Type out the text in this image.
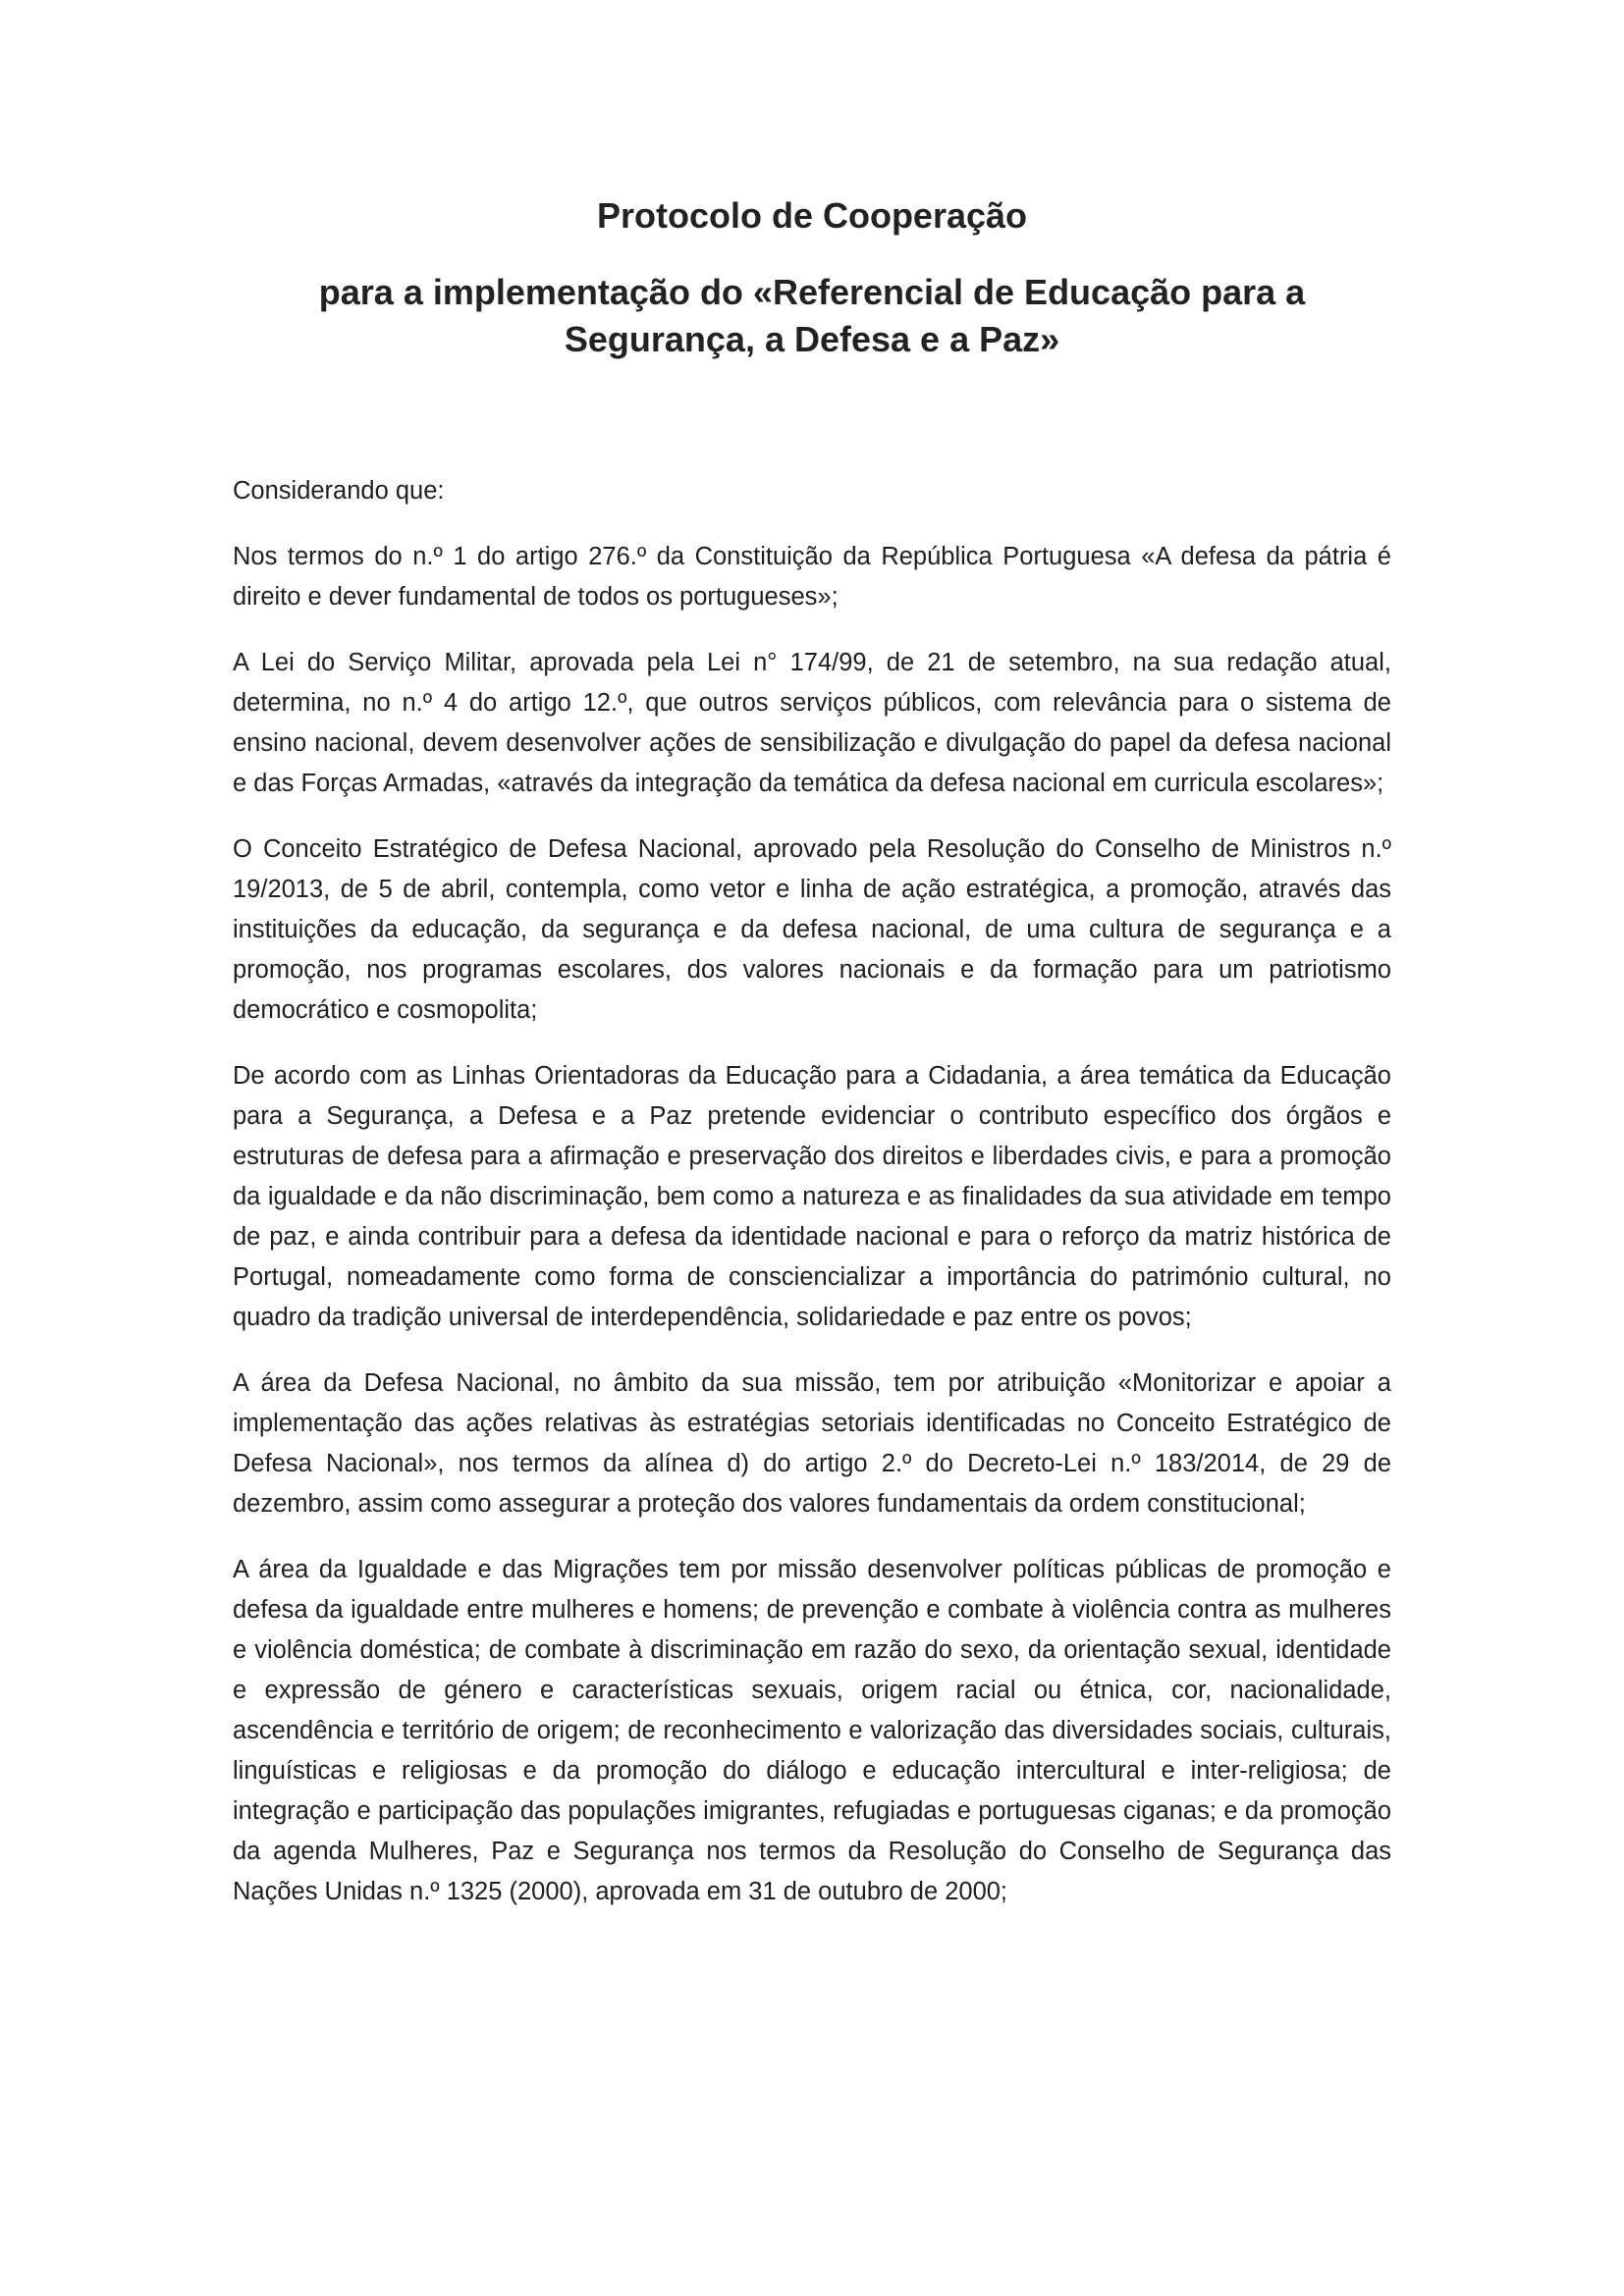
Protocolo de Cooperação
para a implementação do «Referencial de Educação para a
Segurança, a Defesa e a Paz»

Considerando que:

Nos termos do n.º 1 do artigo 276.º da Constituição da República Portuguesa «A defesa da pátria é direito e dever fundamental de todos os portugueses»;

A Lei do Serviço Militar, aprovada pela Lei n° 174/99, de 21 de setembro, na sua redação atual, determina, no n.º 4 do artigo 12.º, que outros serviços públicos, com relevância para o sistema de ensino nacional, devem desenvolver ações de sensibilização e divulgação do papel da defesa nacional e das Forças Armadas, «através da integração da temática da defesa nacional em curricula escolares»;

O Conceito Estratégico de Defesa Nacional, aprovado pela Resolução do Conselho de Ministros n.º 19/2013, de 5 de abril, contempla, como vetor e linha de ação estratégica, a promoção, através das instituições da educação, da segurança e da defesa nacional, de uma cultura de segurança e a promoção, nos programas escolares, dos valores nacionais e da formação para um patriotismo democrático e cosmopolita;

De acordo com as Linhas Orientadoras da Educação para a Cidadania, a área temática da Educação para a Segurança, a Defesa e a Paz pretende evidenciar o contributo específico dos órgãos e estruturas de defesa para a afirmação e preservação dos direitos e liberdades civis, e para a promoção da igualdade e da não discriminação, bem como a natureza e as finalidades da sua atividade em tempo de paz, e ainda contribuir para a defesa da identidade nacional e para o reforço da matriz histórica de Portugal, nomeadamente como forma de consciencializar a importância do património cultural, no quadro da tradição universal de interdependência, solidariedade e paz entre os povos;

A área da Defesa Nacional, no âmbito da sua missão, tem por atribuição «Monitorizar e apoiar a implementação das ações relativas às estratégias setoriais identificadas no Conceito Estratégico de Defesa Nacional», nos termos da alínea d) do artigo 2.º do Decreto-Lei n.º 183/2014, de 29 de dezembro, assim como assegurar a proteção dos valores fundamentais da ordem constitucional;

A área da Igualdade e das Migrações tem por missão desenvolver políticas públicas de promoção e defesa da igualdade entre mulheres e homens; de prevenção e combate à violência contra as mulheres e violência doméstica; de combate à discriminação em razão do sexo, da orientação sexual, identidade e expressão de género e características sexuais, origem racial ou étnica, cor, nacionalidade, ascendência e território de origem; de reconhecimento e valorização das diversidades sociais, culturais, linguísticas e religiosas e da promoção do diálogo e educação intercultural e inter-religiosa; de integração e participação das populações imigrantes, refugiadas e portuguesas ciganas; e da promoção da agenda Mulheres, Paz e Segurança nos termos da Resolução do Conselho de Segurança das Nações Unidas n.º 1325 (2000), aprovada em 31 de outubro de 2000;
